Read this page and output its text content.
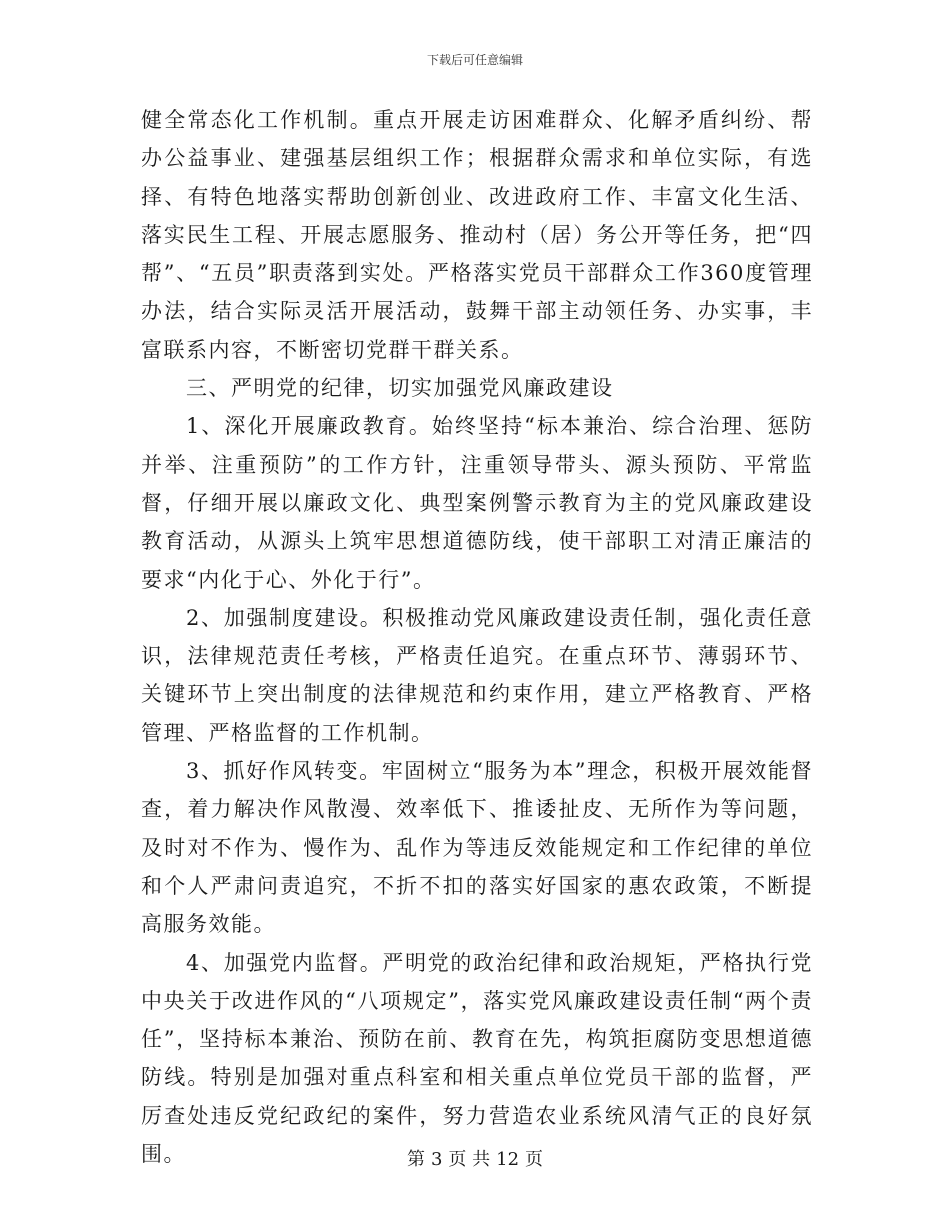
下载后可任意编辑

健全常态化工作机制。重点开展走访困难群众、化解矛盾纠纷、帮办公益事业、建强基层组织工作；根据群众需求和单位实际，有选择、有特色地落实帮助创新创业、改进政府工作、丰富文化生活、落实民生工程、开展志愿服务、推动村（居）务公开等任务，把“四帮”、“五员”职责落到实处。严格落实党员干部群众工作360度管理办法，结合实际灵活开展活动，鼓舞干部主动领任务、办实事，丰富联系内容，不断密切党群干群关系。

三、严明党的纪律，切实加强党风廉政建设

1、深化开展廉政教育。始终坚持“标本兼治、综合治理、惩防并举、注重预防”的工作方针，注重领导带头、源头预防、平常监督，仔细开展以廉政文化、典型案例警示教育为主的党风廉政建设教育活动，从源头上筑牢思想道德防线，使干部职工对清正廉洁的要求“内化于心、外化于行”。

2、加强制度建设。积极推动党风廉政建设责任制，强化责任意识，法律规范责任考核，严格责任追究。在重点环节、薄弱环节、关键环节上突出制度的法律规范和约束作用，建立严格教育、严格管理、严格监督的工作机制。

3、抓好作风转变。牢固树立“服务为本”理念，积极开展效能督查，着力解决作风散漫、效率低下、推诿扯皮、无所作为等问题，及时对不作为、慢作为、乱作为等违反效能规定和工作纪律的单位和个人严肃问责追究，不折不扣的落实好国家的惠农政策，不断提高服务效能。

4、加强党内监督。严明党的政治纪律和政治规矩，严格执行党中央关于改进作风的“八项规定”，落实党风廉政建设责任制“两个责任”，坚持标本兼治、预防在前、教育在先，构筑拒腐防变思想道德防线。特别是加强对重点科室和相关重点单位党员干部的监督，严厉查处违反党纪政纪的案件，努力营造农业系统风清气正的良好氛围。	第 3 页 共 12 页
